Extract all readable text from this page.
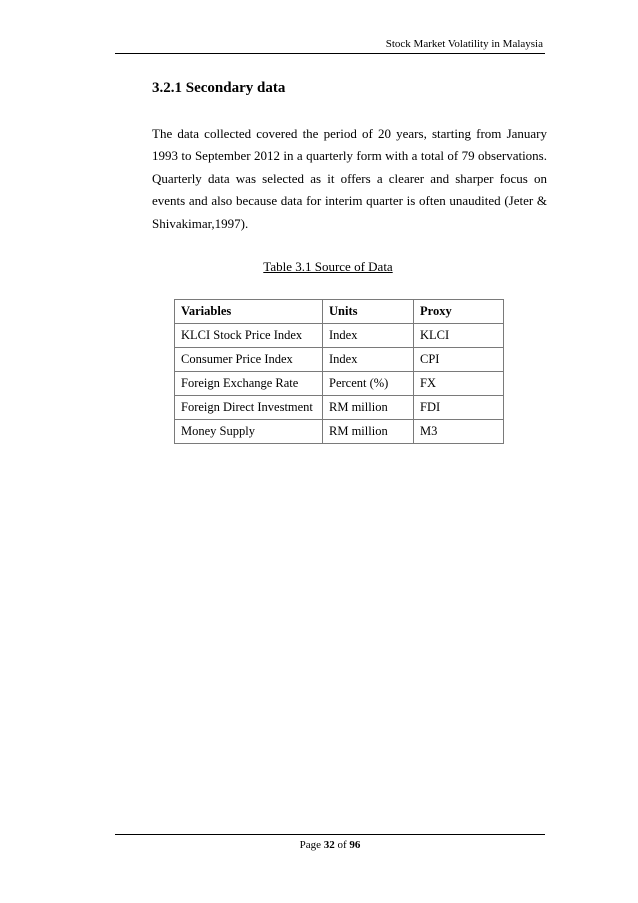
Stock Market Volatility in Malaysia
3.2.1 Secondary data

The data collected covered the period of 20 years, starting from January 1993 to September 2012 in a quarterly form with a total of 79 observations. Quarterly data was selected as it offers a clearer and sharper focus on events and also because data for interim quarter is often unaudited (Jeter & Shivakimar,1997).

Table 3.1 Source of Data
Variables	Units	Proxy
KLCI Stock Price Index	Index	KLCI
Consumer Price Index	Index	CPI
Foreign Exchange Rate	Percent (%)	FX
Foreign Direct Investment	RM million	FDI
Money Supply	RM million	M3
Page 32 of 96
